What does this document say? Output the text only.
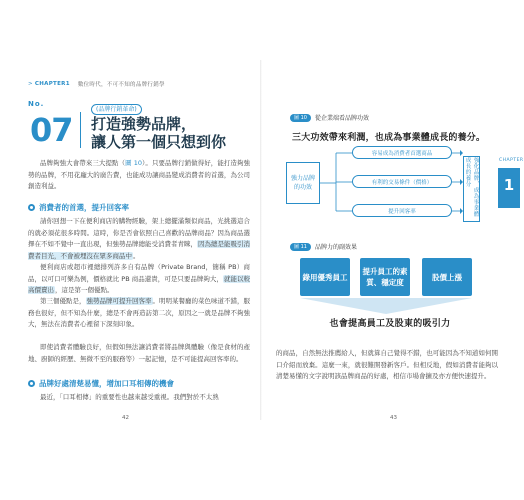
> CHAPTER1 數位時代，不可不知的品牌行銷學
No.
07
(品牌行銷革命)
打造強勢品牌，
讓人第一個只想到你
品牌夠強大會帶來三大提點（圖 10）。只要品牌行銷做得好，能打造夠強勢的品牌，不用花龐大的廣告費，也能成功讓商品變成消費者的首選，為公司創造利益。
消費者的首選，提升回客率
請你回想一下在便利商店的購物經驗，架上總擺滿類似商品，光挑選這合的就必須花很多時間。這時，你是否會依照自己喜歡的品牌商品？因為商品選擇在不如不覺中一直出現，但強勢品牌總能受消費者青睞，因為總是能吸引消費者目光，不會被埋沒在眾多商品中。
便利商店或超市裡總排列許多自有品牌（Private Brand，簡稱 PB）商品，以可口可樂為例，價格就比 PB 商品還貴，可是只要品牌夠大，就能以較高價賣出，這是第一個優點。
第三個優點是，強勢品牌可提升回客率。明明某餐廳的菜色味道不錯，服務也很好，但不知為什麼，總是不會再造訪第二次，原因之一就是品牌不夠強大，無法在消費者心裡留下深刻印象。
即使消費者體驗良好，但假如無法讓消費者將品牌與體驗（像是食材的產地、廚師的經歷、無微不至的服務等）一起記憶，是不可能提高回客率的。
品牌好處清楚易懂，增加口耳相傳的機會
最近，「口耳相傳」的重要性也越來越受重視。我們對於不太熟
42
圖 10	從企業端看品牌功效
三大功效帶來利潤，也成為事業體成長的養分。
強力品牌的功效
容易成為消費者首選商品
有利的交易條件（價格）
提升回客率	強化品牌，成為事業體成長的養分
圖 11	品牌力的副效果
錄用優秀員工
提升員工的素質、穩定度
股價上漲
也會提高員工及股東的吸引力
的商品，自然無法推薦給人，但就算自己覺得不錯，也可能因為不知道如何開口介紹而放棄。這麼一來，就很難開發新客戶。但相反地，假如消費者能夠以清楚易懂的文字說明該品牌商品的好處，相信市場會擴及亦方便快速提升。
43
CHAPTER
1
